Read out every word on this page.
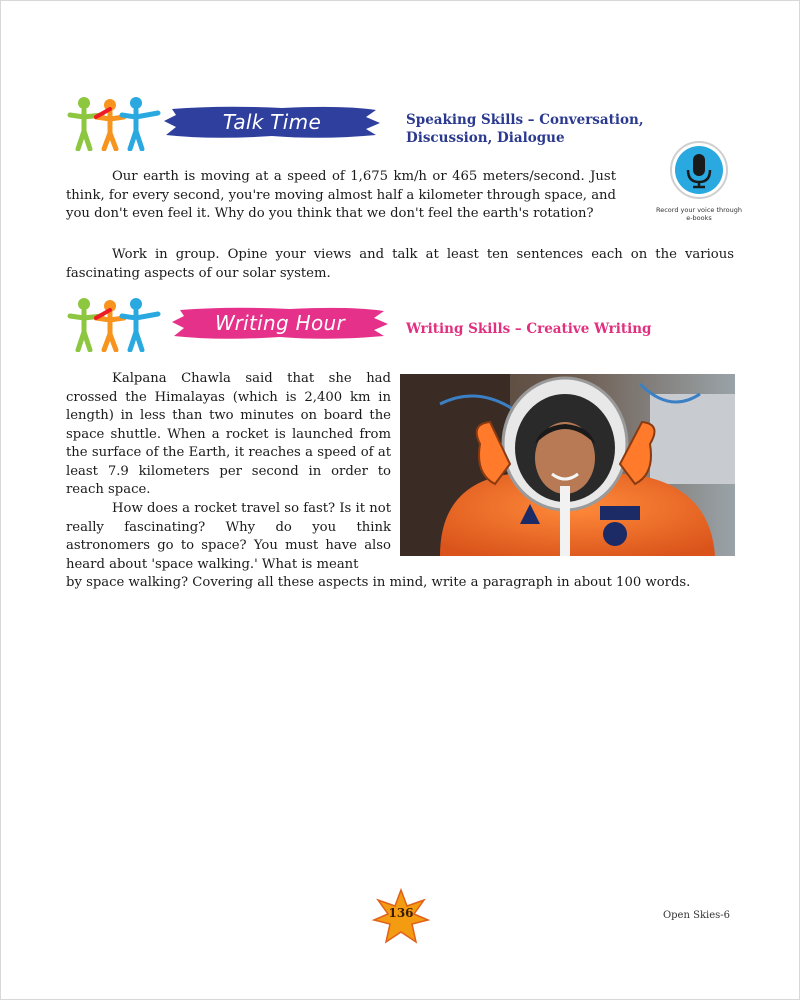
Talk Time	Speaking Skills – Conversation, Discussion, Dialogue
Record your voice through e-books

Our earth is moving at a speed of 1,675 km/h or 465 meters/second. Just think, for every second, you're moving almost half a kilometer through space, and you don't even feel it. Why do you think that we don't feel the earth's rotation?

Work in group. Opine your views and talk at least ten sentences each on the various fascinating aspects of our solar system.

Writing Hour	Writing Skills – Creative Writing

Kalpana Chawla said that she had crossed the Himalayas (which is 2,400 km in length) in less than two minutes on board the space shuttle. When a rocket is launched from the surface of the Earth, it reaches a speed of at least 7.9 kilometers per second in order to reach space.

How does a rocket travel so fast? Is it not really fascinating? Why do you think astronomers go to space? You must have also heard about 'space walking.' What is meant

by space walking? Covering all these aspects in mind, write a paragraph in about 100 words.

136	Open Skies-6
